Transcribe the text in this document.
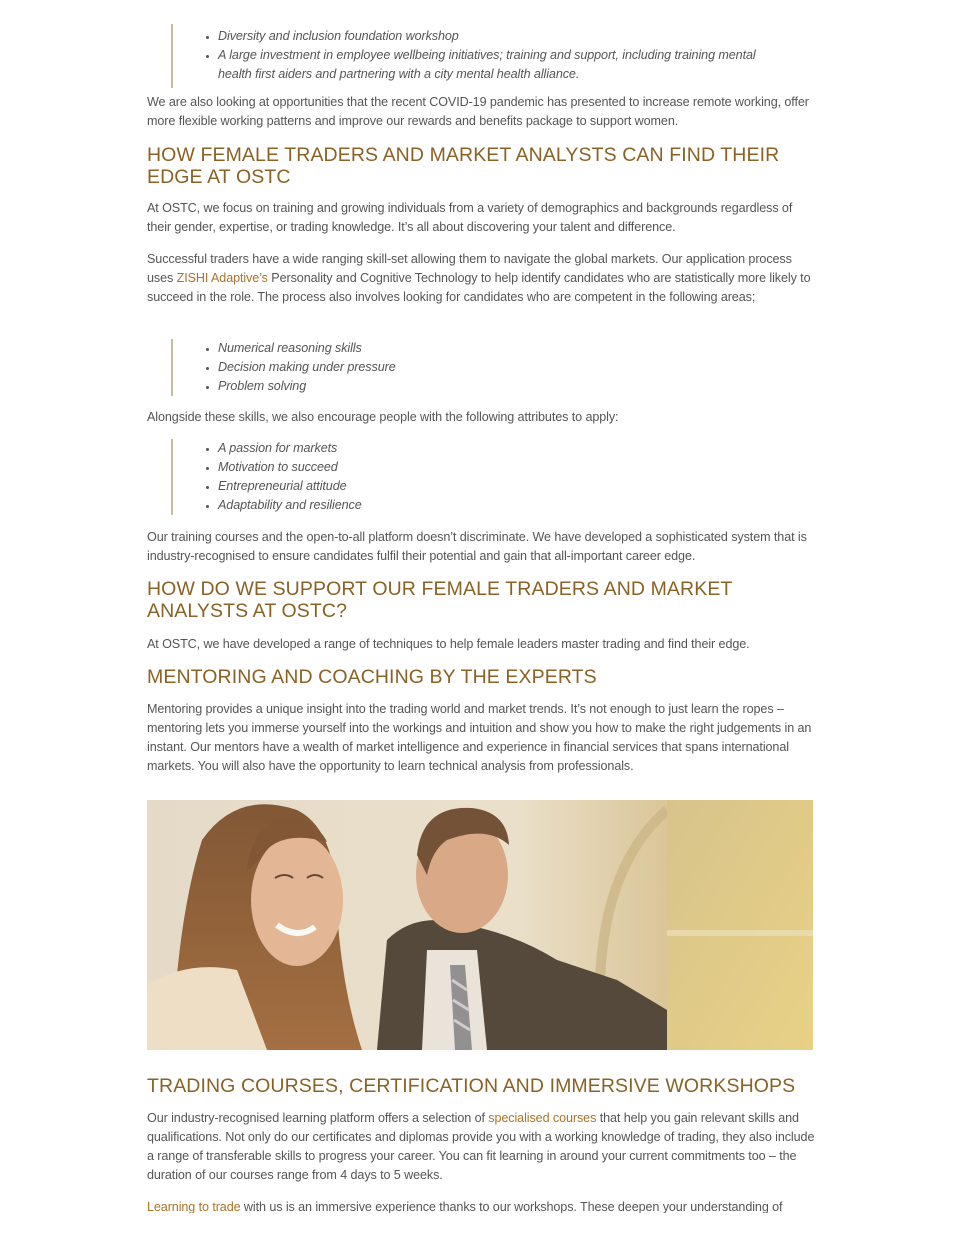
• Diversity and inclusion foundation workshop
• A large investment in employee wellbeing initiatives; training and support, including training mental health first aiders and partnering with a city mental health alliance.

We are also looking at opportunities that the recent COVID-19 pandemic has presented to increase remote working, offer more flexible working patterns and improve our rewards and benefits package to support women.

HOW FEMALE TRADERS AND MARKET ANALYSTS CAN FIND THEIR EDGE AT OSTC

At OSTC, we focus on training and growing individuals from a variety of demographics and backgrounds regardless of their gender, expertise, or trading knowledge. It’s all about discovering your talent and difference.

Successful traders have a wide ranging skill-set allowing them to navigate the global markets. Our application process uses ZISHI Adaptive’s Personality and Cognitive Technology to help identify candidates who are statistically more likely to succeed in the role. The process also involves looking for candidates who are competent in the following areas;

• Numerical reasoning skills
• Decision making under pressure
• Problem solving

Alongside these skills, we also encourage people with the following attributes to apply:

• A passion for markets
• Motivation to succeed
• Entrepreneurial attitude
• Adaptability and resilience

Our training courses and the open-to-all platform doesn’t discriminate. We have developed a sophisticated system that is industry-recognised to ensure candidates fulfil their potential and gain that all-important career edge.

HOW DO WE SUPPORT OUR FEMALE TRADERS AND MARKET ANALYSTS AT OSTC?

At OSTC, we have developed a range of techniques to help female leaders master trading and find their edge.

MENTORING AND COACHING BY THE EXPERTS

Mentoring provides a unique insight into the trading world and market trends. It’s not enough to just learn the ropes – mentoring lets you immerse yourself into the workings and intuition and show you how to make the right judgements in an instant. Our mentors have a wealth of market intelligence and experience in financial services that spans international markets. You will also have the opportunity to learn technical analysis from professionals.

TRADING COURSES, CERTIFICATION AND IMMERSIVE WORKSHOPS

Our industry-recognised learning platform offers a selection of specialised courses that help you gain relevant skills and qualifications. Not only do our certificates and diplomas provide you with a working knowledge of trading, they also include a range of transferable skills to progress your career. You can fit learning in around your current commitments too – the duration of our courses range from 4 days to 5 weeks.

Learning to trade with us is an immersive experience thanks to our workshops. These deepen your understanding of
